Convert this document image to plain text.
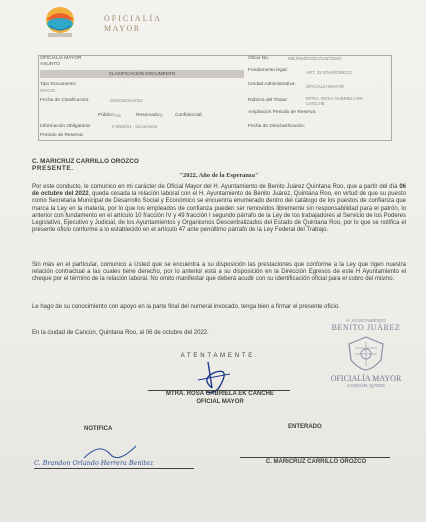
OFICIALÍA
MAYOR
OFICIALIA MAYOR
ASUNTO
Oficio No.	MBJ/OM/DG/DJ/1367/2022
CLASIFICACIÓN DOCUMENTO
Tipo Documento:
OFICIO
Fecha de Clasificación:	06/Octubre/2022
Público: Sin	Reservado: 0	Confidencial:
Información Obligatoria:	# 0004/01 - documento
Periodo de Reserva:
Fundamento legal:	ART. 33 STAR/DIRECC
Unidad Administrativa: OFICIALÍA MAYOR
Rúbrica del Titular:	MTRA. ROSA GABRIELA EK CANCHE
Ampliación Periodo de Reserva:
Fecha de Desclasificación:
C. MARICRUZ CARRILLO OROZCO
PRESENTE.
"2022, Año de la Esperanza"
Por este conducto, le comunico en mi carácter de Oficial Mayor del H. Ayuntamiento de Benito Juárez Quintana Roo, que a partir del día 06 de octubre del 2022, queda cesada la relación laboral con el H. Ayuntamiento de Benito Juárez, Quintana Roo, en virtud de que su puesto como Secretaria Municipal de Desarrollo Social y Económico se encuentra enumerado dentro del catálogo de los puestos de confianza que marca la Ley en la materia, por lo que los empleados de confianza pueden ser removidos libremente sin responsabilidad para el patrón, lo anterior con fundamento en el artículo 10 fracción IV y 49 fracción I segundo párrafo de la Ley de los trabajadores al Servicio de los Poderes Legislativo, Ejecutivo y Judicial, de los Ayuntamientos y Organismos Descentralizados del Estado de Quintana Roo, por lo que se notifica el presente oficio conforme a lo establecido en el artículo 47 ante penúltimo párrafo de la Ley Federal del Trabajo.
Sin más en el particular, comunico a Usted que se encuentra a su disposición las prestaciones que conforme a la Ley que rigen nuestra relación contractual a las cuales tiene derecho, por lo anterior está a su disposición en la Dirección Egresos de este H Ayuntamiento el cheque por el término de la relación laboral. No omito manifestar que deberá acudir con su identificación oficial para el cobro del mismo.
Le hago de su conocimiento con apoyo en la parte final del numeral invocado, tenga bien a firmar el presente oficio.
En la ciudad de Cancún, Quintana Roo, al 06 de octubre del 2022.
A T E N T A M E N T E .
MTRA. ROSA GABRIELA EK CANCHE
OFICIAL MAYOR
NOTIFICA	ENTERADO
C. Brandon Orlando Herrera Benitez	C. MARICRUZ CARRILLO OROZCO
H. AYUNTAMIENTO
BENITO JUÁREZ
OFICIALÍA MAYOR
CANCÚN, Q.ROO
